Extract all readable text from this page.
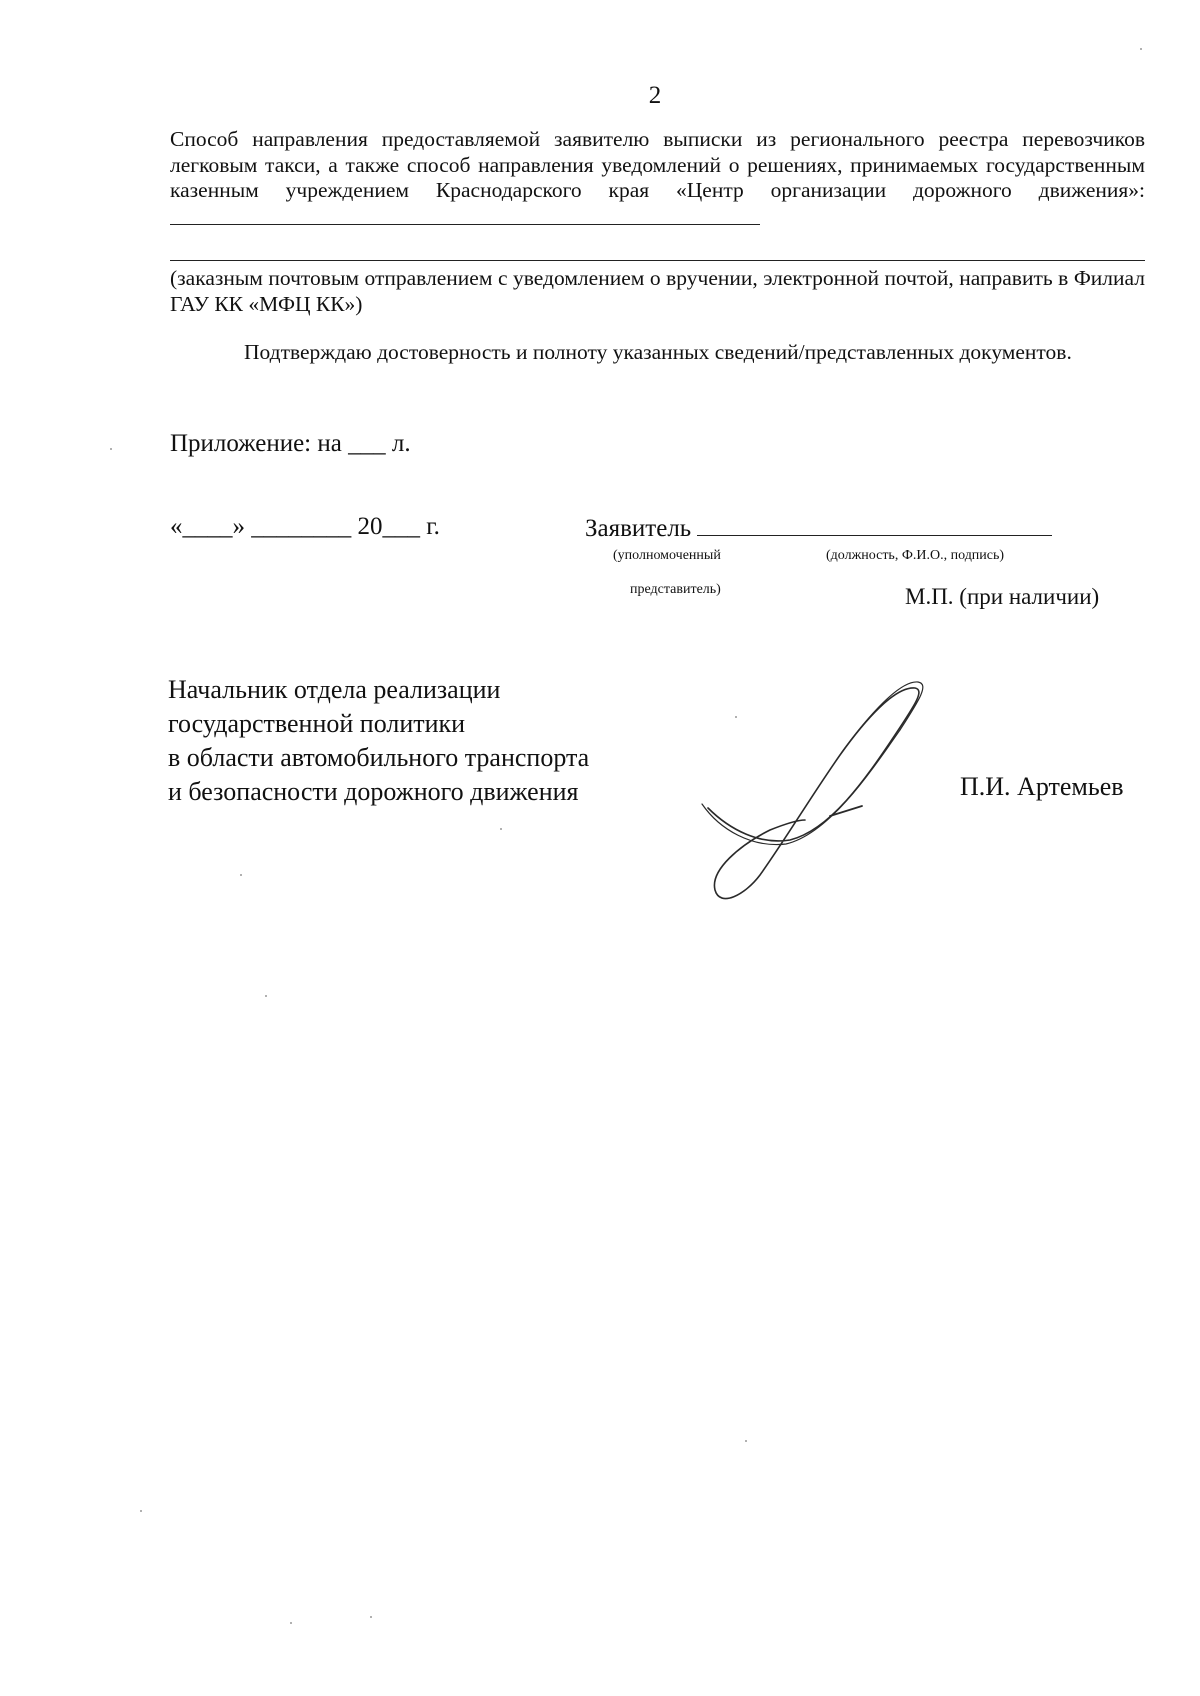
2
Способ направления предоставляемой заявителю выписки из регионального реестра перевозчиков легковым такси, а также способ направления уведомлений о решениях, принимаемых государственным казенным учреждением Краснодарского края «Центр организации дорожного движения»:
(заказным почтовым отправлением с уведомлением о вручении, электронной почтой, направить в Филиал ГАУ КК «МФЦ КК»)
Подтверждаю достоверность и полноту указанных сведений/представленных документов.
Приложение: на ___ л.
«____» ________ 20___ г.	Заявитель
(уполномоченный	(должность, Ф.И.О., подпись)
представитель)	М.П. (при наличии)
Начальник отдела реализации
государственной политики
в области автомобильного транспорта
и безопасности дорожного движения	П.И. Артемьев
